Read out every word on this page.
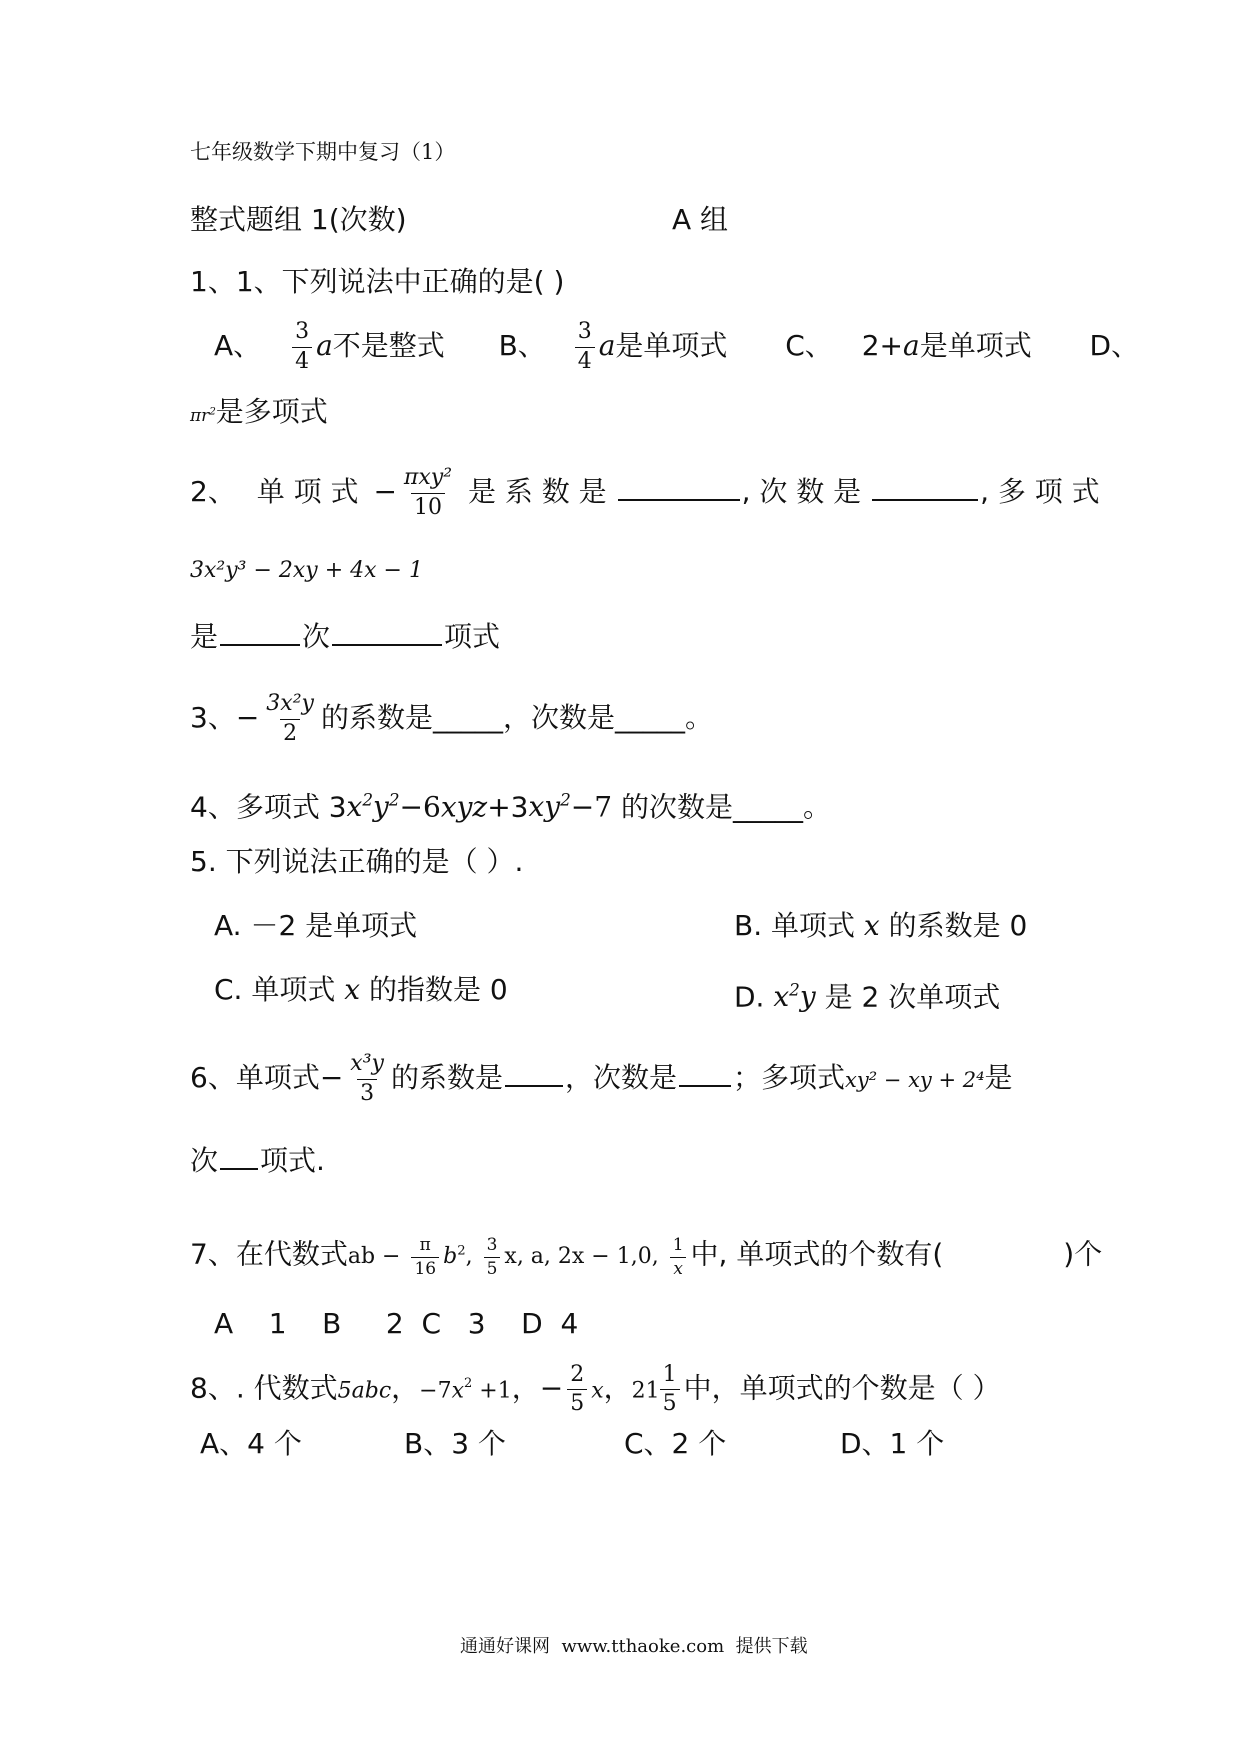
七年级数学下期中复习（1）
整式题组 1(次数)	A 组
1、1、下列说法中正确的是( )
A、 $\frac{3}{4}$ a不是整式 B、 $\frac{3}{4}$ a是单项式 C、 2+a是单项式 D、
$\pi r^2$是多项式
2、 单 项 式 − $\frac{\text{πxy²}}{10}$ 是 系 数 是	, 次 数 是	, 多 项 式
3x²y³ − 2xy + 4x − 1
是	次	项式
3、− $\frac{\text{3x²y}}{2}$ 的系数是_____，次数是_____。
4、多项式 $3x^2y^2-6xyz+3xy^2-7$ 的次数是_____。
5. 下列说法正确的是（ ）.
A. －2 是单项式	B. 单项式 x 的系数是 0
C. 单项式 x 的指数是 0	D. $x^2y$ 是 2 次单项式
6、单项式− $\frac{\text{x³y}}{3}$ 的系数是 ，次数是 ；多项式xy² − xy + 2⁴是
次 项式.
7、在代数式ab − $\frac{\pi}{16} b^2$, $\frac{3}{5} x$, a, 2x − 1,0, $\frac{1}{x}$ 中, 单项式的个数有(	)个
A    1    B     2  C   3    D  4
8、. 代数式5abc，$-7x^2 +1$，− $\frac{2}{5}$ x，$21 \frac{1}{5}$ 中，单项式的个数是（ ）
A、4 个	B、3 个	C、2 个	D、1 个
通通好课网  www.tthaoke.com  提供下载
